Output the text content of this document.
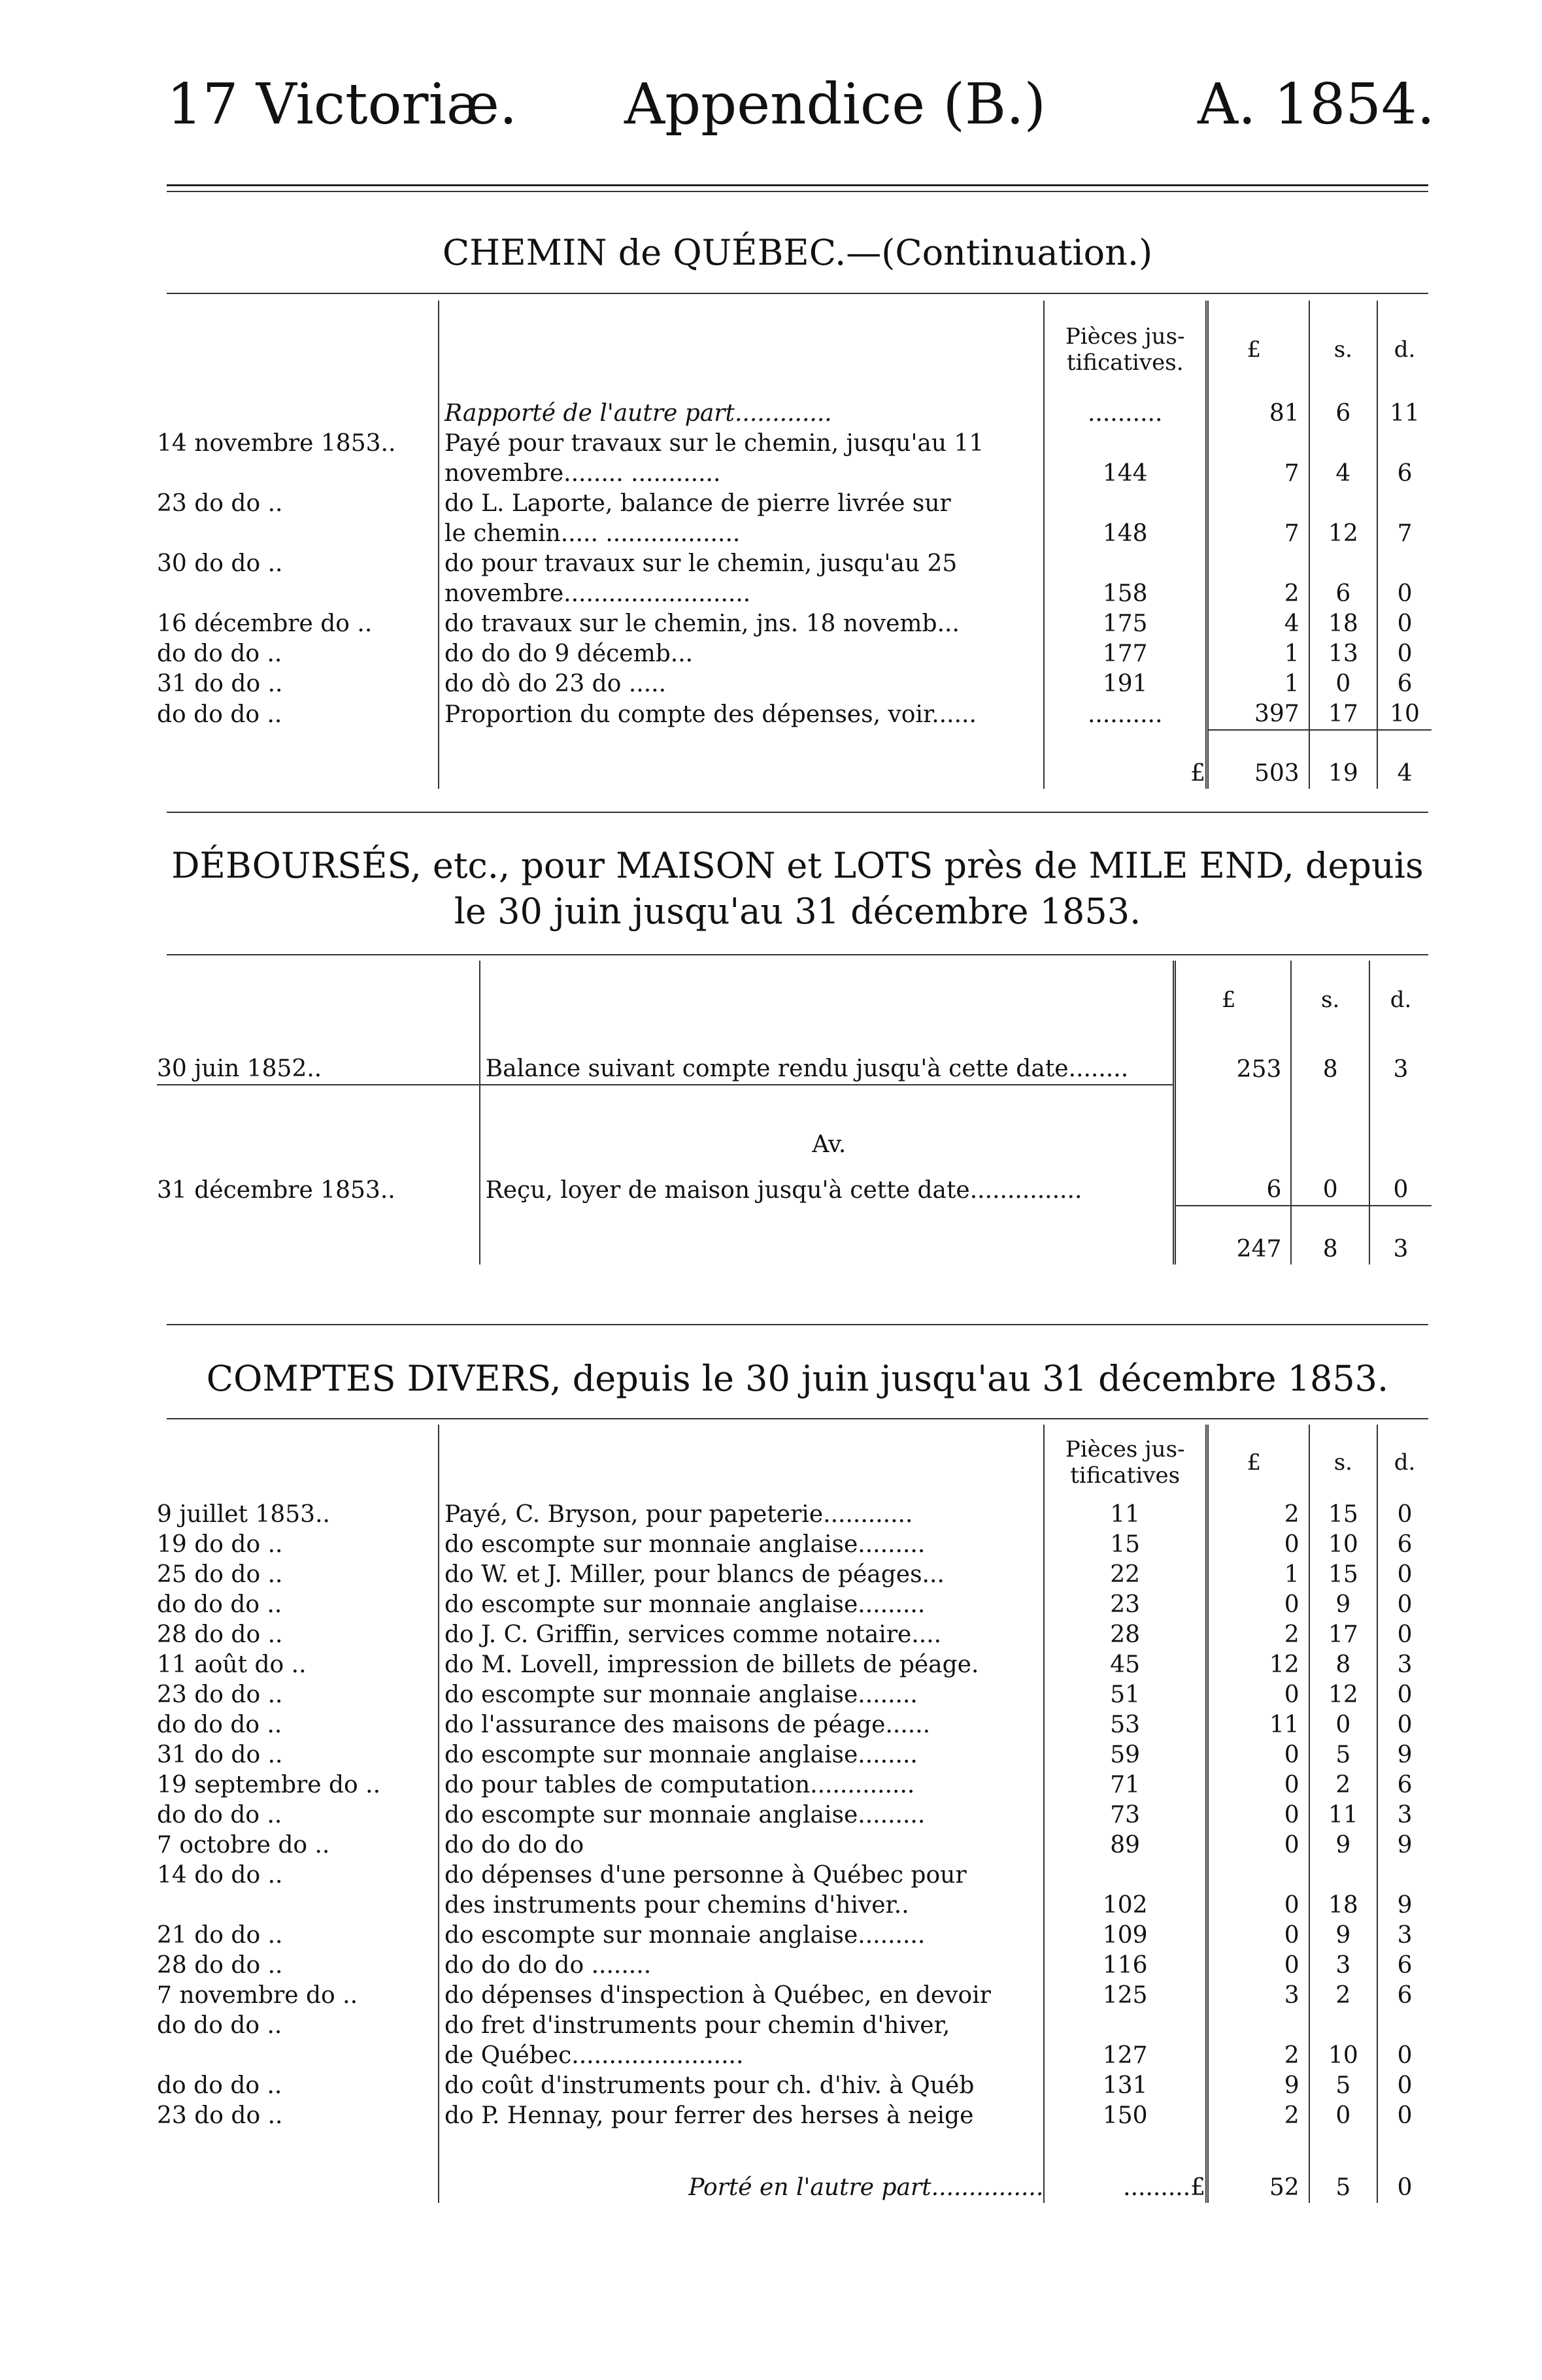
17 Victoriæ. Appendice (B.)	A. 1854.
CHEMIN de QUÉBEC.—(Continuation.)
		Pièces jus-tificatives.	£	s.	d.
	Rapporté de l'autre part.............	..........	81	6	11
14 novembre 1853..	Payé pour travaux sur le chemin, jusqu'au 11				
	novembre........ ............	144	7	4	6
23 do do ..	do L. Laporte, balance de pierre livrée sur				
	le chemin..... ..................	148	7	12	7
30 do do ..	do pour travaux sur le chemin, jusqu'au 25				
	novembre.........................	158	2	6	0
16 décembre do ..	do travaux sur le chemin, jns. 18 novemb...	175	4	18	0
do do do ..	do do do 9 décemb...	177	1	13	0
31 do do ..	do dò do 23 do .....	191	1	0	6
do do do ..	Proportion du compte des dépenses, voir......	..........	397	17	10
		£	503	19	4
DÉBOURSÉS, etc., pour MAISON et LOTS près de MILE END, depuis
le 30 juin jusqu'au 31 décembre 1853.
		£	s.	d.
30 juin 1852..	Balance suivant compte rendu jusqu'à cette date........	253	8	3
	Av.			
31 décembre 1853..	Reçu, loyer de maison jusqu'à cette date...............	6	0	0
		247	8	3
COMPTES DIVERS, depuis le 30 juin jusqu'au 31 décembre 1853.
		Pièces jus-tificatives	£	s.	d.
9 juillet 1853..	Payé, C. Bryson, pour papeterie............	11	2	15	0
19 do do ..	do escompte sur monnaie anglaise.........	15	0	10	6
25 do do ..	do W. et J. Miller, pour blancs de péages...	22	1	15	0
do do do ..	do escompte sur monnaie anglaise.........	23	0	9	0
28 do do ..	do J. C. Griffin, services comme notaire....	28	2	17	0
11 août do ..	do M. Lovell, impression de billets de péage.	45	12	8	3
23 do do ..	do escompte sur monnaie anglaise........	51	0	12	0
do do do ..	do l'assurance des maisons de péage......	53	11	0	0
31 do do ..	do escompte sur monnaie anglaise........	59	0	5	9
19 septembre do ..	do pour tables de computation..............	71	0	2	6
do do do ..	do escompte sur monnaie anglaise.........	73	0	11	3
7 octobre do ..	do do do do	89	0	9	9
14 do do ..	do dépenses d'une personne à Québec pour				
	des instruments pour chemins d'hiver..	102	0	18	9
21 do do ..	do escompte sur monnaie anglaise.........	109	0	9	3
28 do do ..	do do do do ........	116	0	3	6
7 novembre do ..	do dépenses d'inspection à Québec, en devoir	125	3	2	6
do do do ..	do fret d'instruments pour chemin d'hiver,				
	de Québec.......................	127	2	10	0
do do do ..	do coût d'instruments pour ch. d'hiv. à Québ	131	9	5	0
23 do do ..	do P. Hennay, pour ferrer des herses à neige	150	2	0	0
	Porté en l'autre part...............	.........£	52	5	0
